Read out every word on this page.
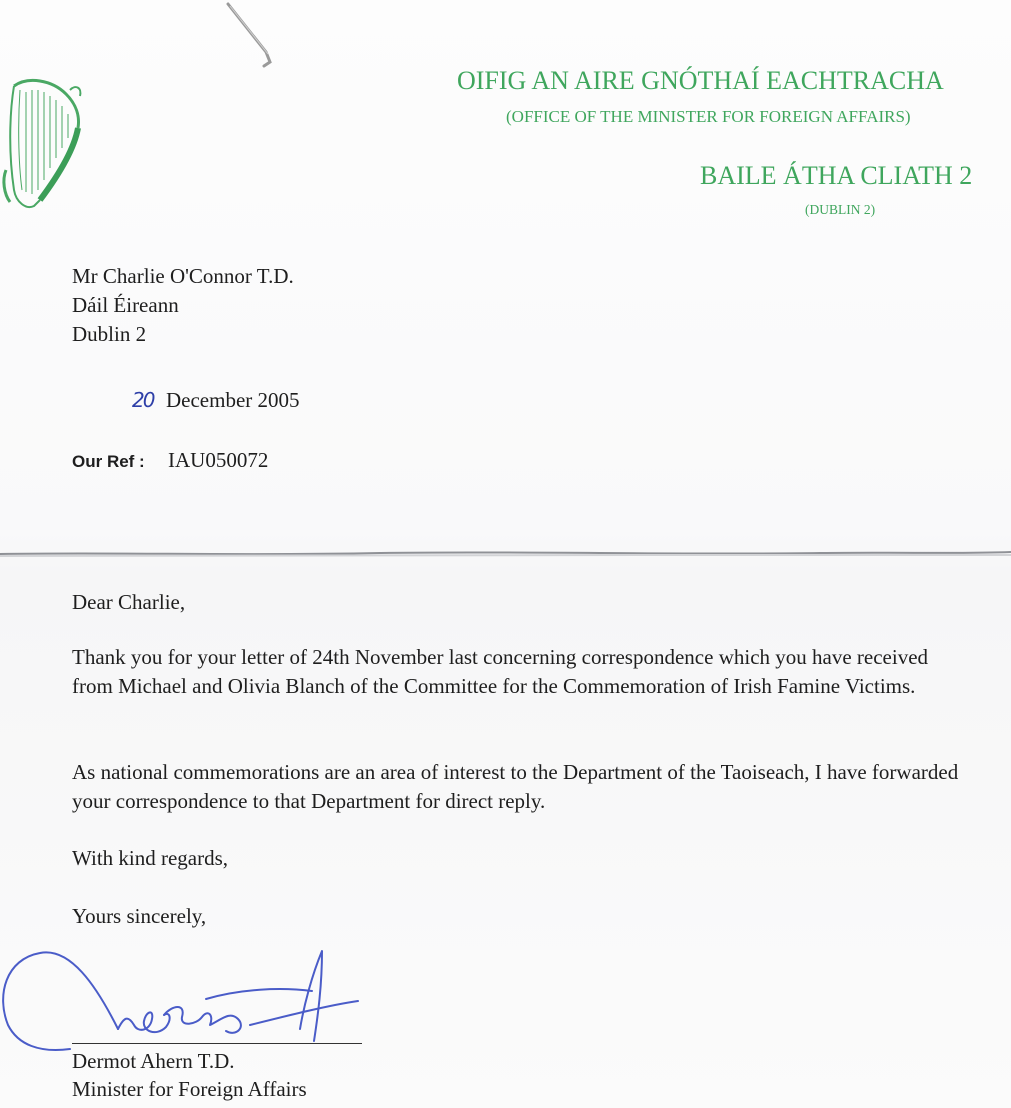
OIFIG AN AIRE GNÓTHAÍ EACHTRACHA
(OFFICE OF THE MINISTER FOR FOREIGN AFFAIRS)
BAILE ÁTHA CLIATH 2
(DUBLIN 2)
Mr Charlie O'Connor T.D.
Dáil Éireann
Dublin 2
20 December 2005
Our Ref : IAU050072
Dear Charlie,
Thank you for your letter of 24th November last concerning correspondence which you have received from Michael and Olivia Blanch of the Committee for the Commemoration of Irish Famine Victims.
As national commemorations are an area of interest to the Department of the Taoiseach, I have forwarded your correspondence to that Department for direct reply.
With kind regards,
Yours sincerely,
Dermot Ahern T.D.
Minister for Foreign Affairs
